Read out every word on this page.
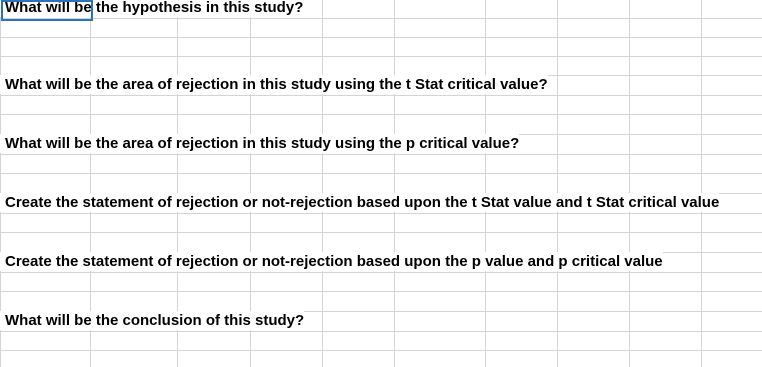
What will be the hypothesis in this study?
What will be the area of rejection in this study using the t Stat critical value?
What will be the area of rejection in this study using the p critical value?
Create the statement of rejection or not-rejection based upon the t Stat value and t Stat critical value
Create the statement of rejection or not-rejection based upon the p value and p critical value
What will be the conclusion of this study?
